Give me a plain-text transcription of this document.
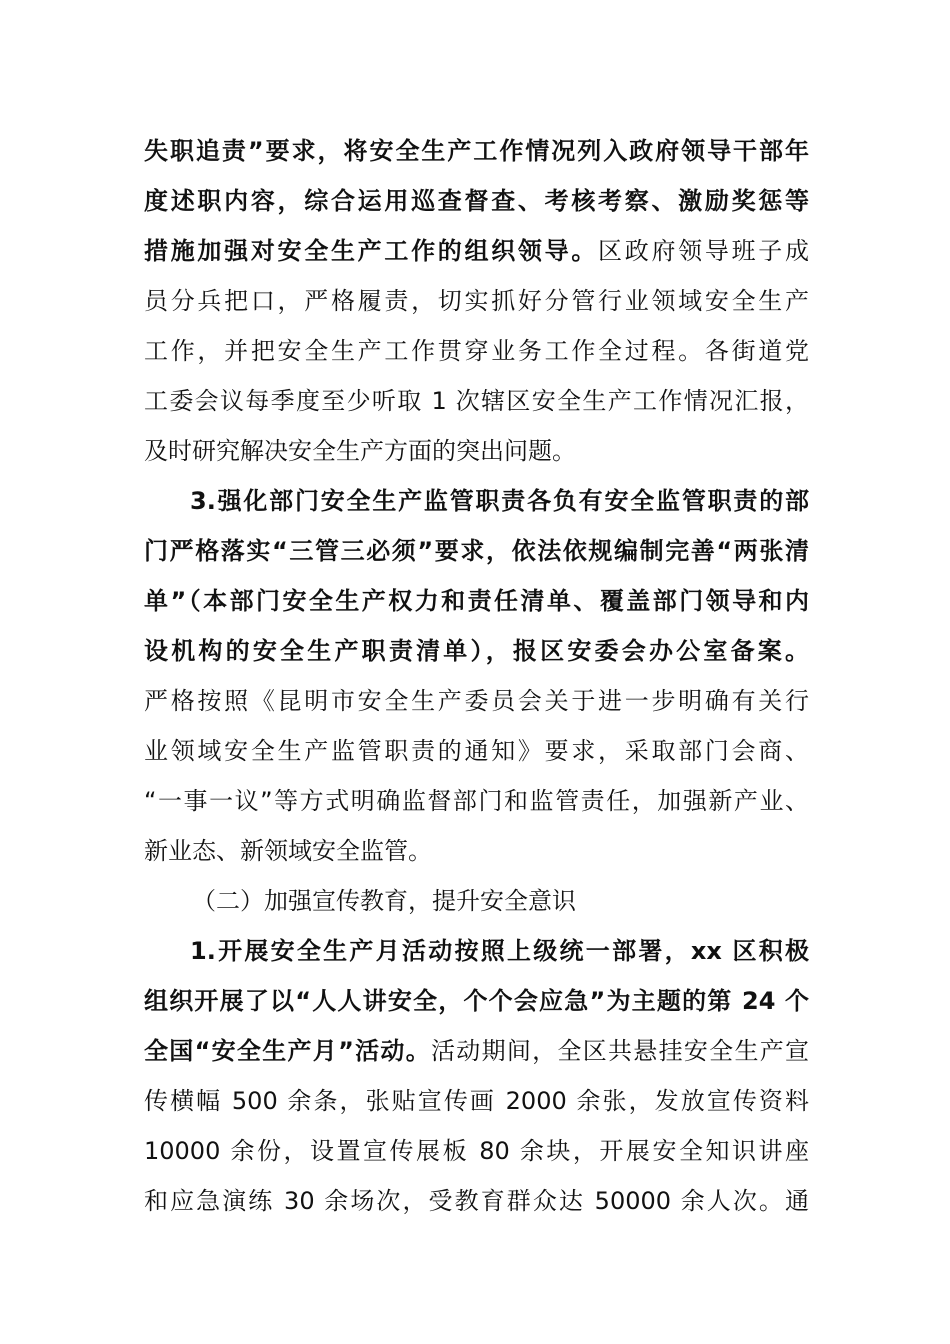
失职追责”要求，将安全生产工作情况列入政府领导干部年
度述职内容，综合运用巡查督查、考核考察、激励奖惩等
措施加强对安全生产工作的组织领导。区政府领导班子成
员分兵把口，严格履责，切实抓好分管行业领域安全生产
工作，并把安全生产工作贯穿业务工作全过程。各街道党
工委会议每季度至少听取 1 次辖区安全生产工作情况汇报，
及时研究解决安全生产方面的突出问题。
3.强化部门安全生产监管职责各负有安全监管职责的部
门严格落实“三管三必须”要求，依法依规编制完善“两张清
单”（本部门安全生产权力和责任清单、覆盖部门领导和内
设机构的安全生产职责清单），报区安委会办公室备案。
严格按照《昆明市安全生产委员会关于进一步明确有关行
业领域安全生产监管职责的通知》要求，采取部门会商、
“一事一议”等方式明确监督部门和监管责任，加强新产业、
新业态、新领域安全监管。
（二）加强宣传教育，提升安全意识
1.开展安全生产月活动按照上级统一部署，xx 区积极
组织开展了以“人人讲安全，个个会应急”为主题的第 24 个
全国“安全生产月”活动。活动期间，全区共悬挂安全生产宣
传横幅 500 余条，张贴宣传画 2000 余张，发放宣传资料
10000 余份，设置宣传展板 80 余块，开展安全知识讲座
和应急演练 30 余场次，受教育群众达 50000 余人次。通
